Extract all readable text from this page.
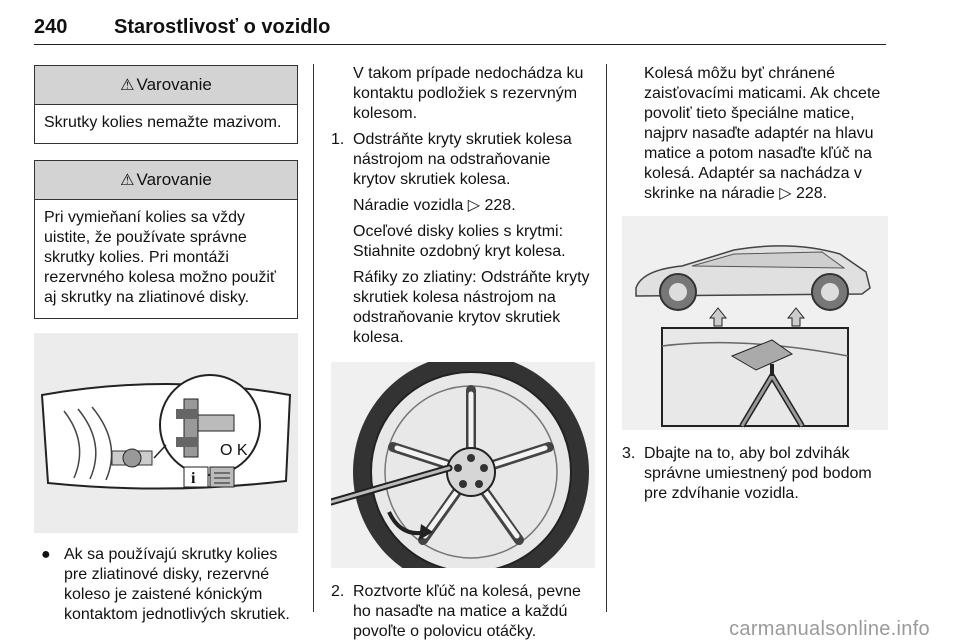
240 Starostlivosť o vozidlo
⚠ Varovanie
Skrutky kolies nemažte mazivom.
⚠ Varovanie
Pri vymieňaní kolies sa vždy uistite, že používate správne skrutky kolies. Pri montáži rezervného kolesa možno použiť aj skrutky na zliatinové disky.
O K
i
● Ak sa používajú skrutky kolies pre zliatinové disky, rezervné koleso je zaistené kónickým kontaktom jednotlivých skrutiek.

V takom prípade nedochádza ku kontaktu podložiek s rezervným kolesom.

1. Odstráňte kryty skrutiek kolesa nástrojom na odstraňovanie krytov skrutiek kolesa.

Náradie vozidla ▷ 228.

Oceľové disky kolies s krytmi: Stiahnite ozdobný kryt kolesa.

Ráfiky zo zliatiny: Odstráňte kryty skrutiek kolesa nástrojom na odstraňovanie krytov skrutiek kolesa.

2. Roztvorte kľúč na kolesá, pevne ho nasaďte na matice a každú povoľte o polovicu otáčky.

Kolesá môžu byť chránené zaisťovacími maticami. Ak chcete povoliť tieto špeciálne matice, najprv nasaďte adaptér na hlavu matice a potom nasaďte kľúč na kolesá. Adaptér sa nachádza v skrinke na náradie ▷ 228.

3. Dbajte na to, aby bol zdvihák správne umiestnený pod bodom pre zdvíhanie vozidla.

carmanualsonline.info
